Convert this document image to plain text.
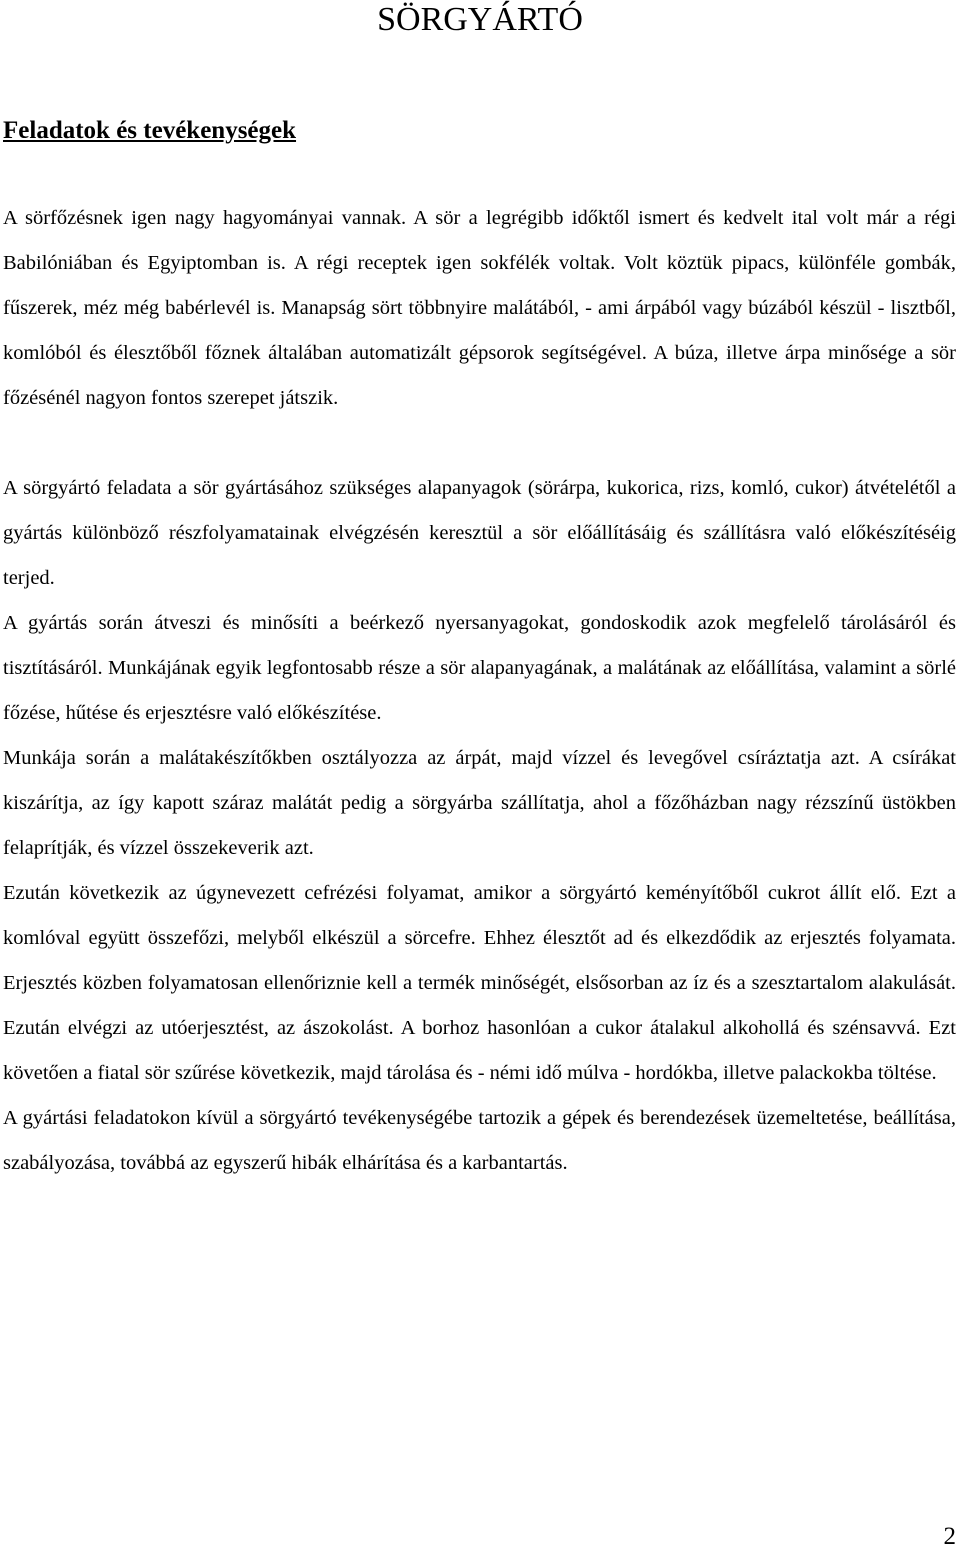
SÖRGYÁRTÓ
Feladatok és tevékenységek

A sörfőzésnek igen nagy hagyományai vannak. A sör a legrégibb időktől ismert és kedvelt ital volt már a régi Babilóniában és Egyiptomban is. A régi receptek igen sokfélék voltak. Volt köztük pipacs, különféle gombák, fűszerek, méz még babérlevél is. Manapság sört többnyire malátából, - ami árpából vagy búzából készül - lisztből, komlóból és élesztőből főznek általában automatizált gépsorok segítségével. A búza, illetve árpa minősége a sör főzésénél nagyon fontos szerepet játszik.

A sörgyártó feladata a sör gyártásához szükséges alapanyagok (sörárpa, kukorica, rizs, komló, cukor) átvételétől a gyártás különböző részfolyamatainak elvégzésén keresztül a sör előállításáig és szállításra való előkészítéséig terjed.

A gyártás során átveszi és minősíti a beérkező nyersanyagokat, gondoskodik azok megfelelő tárolásáról és tisztításáról. Munkájának egyik legfontosabb része a sör alapanyagának, a malátának az előállítása, valamint a sörlé főzése, hűtése és erjesztésre való előkészítése.

Munkája során a malátakészítőkben osztályozza az árpát, majd vízzel és levegővel csíráztatja azt. A csírákat kiszárítja, az így kapott száraz malátát pedig a sörgyárba szállítatja, ahol a főzőházban nagy rézszínű üstökben felaprítják, és vízzel összekeverik azt.

Ezután következik az úgynevezett cefrézési folyamat, amikor a sörgyártó keményítőből cukrot állít elő. Ezt a komlóval együtt összefőzi, melyből elkészül a sörcefre. Ehhez élesztőt ad és elkezdődik az erjesztés folyamata. Erjesztés közben folyamatosan ellenőriznie kell a termék minőségét, elsősorban az íz és a szesztartalom alakulását. Ezután elvégzi az utóerjesztést, az ászokolást. A borhoz hasonlóan a cukor átalakul alkohollá és szénsavvá. Ezt követően a fiatal sör szűrése következik, majd tárolása és - némi idő múlva - hordókba, illetve palackokba töltése.

A gyártási feladatokon kívül a sörgyártó tevékenységébe tartozik a gépek és berendezések üzemeltetése, beállítása, szabályozása, továbbá az egyszerű hibák elhárítása és a karbantartás.

2
